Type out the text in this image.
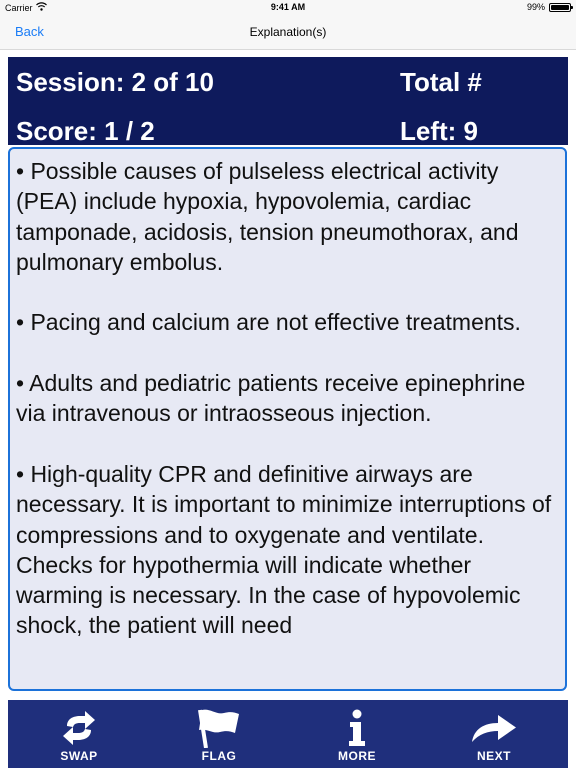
Carrier	9:41 AM	99%
Back	Explanation(s)
Session: 2 of 10	Total #
Score: 1 / 2	Left: 9

• Possible causes of pulseless electrical activity (PEA) include hypoxia, hypovolemia, cardiac tamponade, acidosis, tension pneumothorax, and pulmonary embolus.

• Pacing and calcium are not effective treatments.

• Adults and pediatric patients receive epinephrine via intravenous or intraosseous injection.

• High-quality CPR and definitive airways are necessary. It is important to minimize interruptions of compressions and to oxygenate and ventilate. Checks for hypothermia will indicate whether warming is necessary. In the case of hypovolemic shock, the patient will need

SWAP	FLAG	MORE	NEXT
